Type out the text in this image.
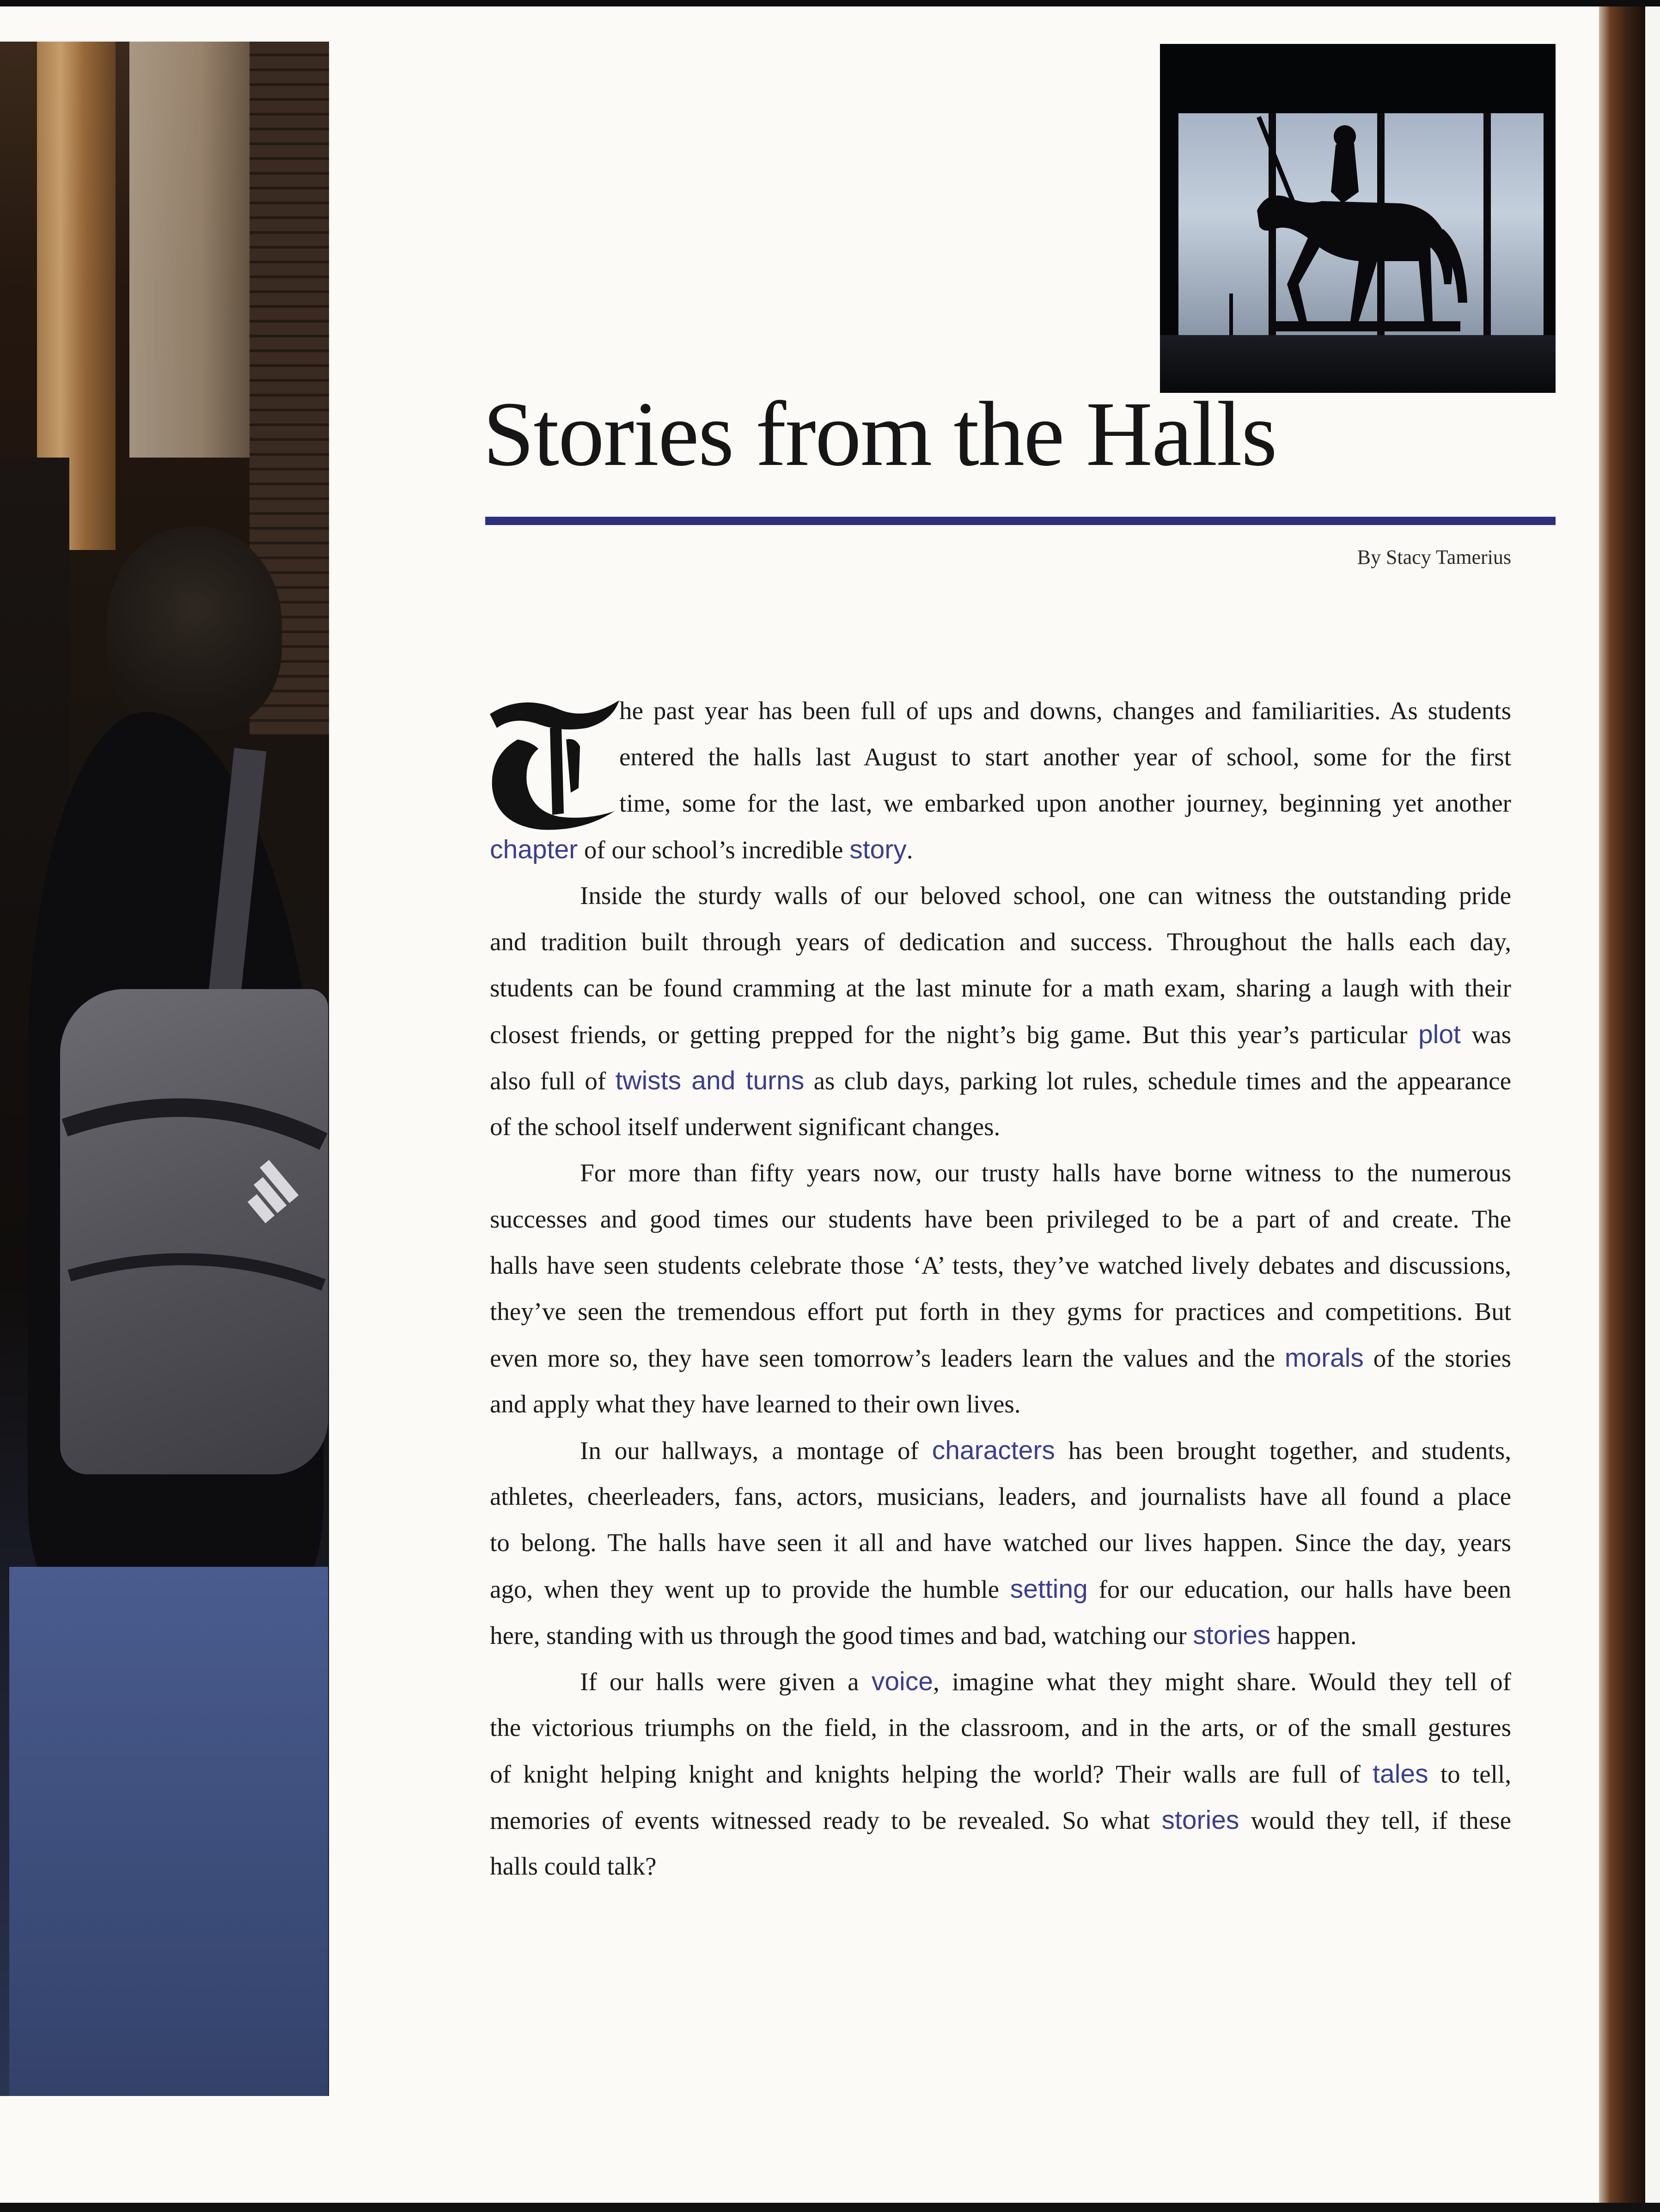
Stories from the Halls
By Stacy Tamerius
he past year has been full of ups and downs, changes and familiarities. As students
entered the halls last August to start another year of school, some for the first
time, some for the last, we embarked upon another journey, beginning yet another
chapter of our school’s incredible story.
Inside the sturdy walls of our beloved school, one can witness the outstanding pride
and tradition built through years of dedication and success. Throughout the halls each day,
students can be found cramming at the last minute for a math exam, sharing a laugh with their
closest friends, or getting prepped for the night’s big game. But this year’s particular plot was
also full of twists and turns as club days, parking lot rules, schedule times and the appearance
of the school itself underwent significant changes.
For more than fifty years now, our trusty halls have borne witness to the numerous
successes and good times our students have been privileged to be a part of and create. The
halls have seen students celebrate those ‘A’ tests, they’ve watched lively debates and discussions,
they’ve seen the tremendous effort put forth in they gyms for practices and competitions. But
even more so, they have seen tomorrow’s leaders learn the values and the morals of the stories
and apply what they have learned to their own lives.
In our hallways, a montage of characters has been brought together, and students,
athletes, cheerleaders, fans, actors, musicians, leaders, and journalists have all found a place
to belong. The halls have seen it all and have watched our lives happen. Since the day, years
ago, when they went up to provide the humble setting for our education, our halls have been
here, standing with us through the good times and bad, watching our stories happen.
If our halls were given a voice, imagine what they might share. Would they tell of
the victorious triumphs on the field, in the classroom, and in the arts, or of the small gestures
of knight helping knight and knights helping the world? Their walls are full of tales to tell,
memories of events witnessed ready to be revealed. So what stories would they tell, if these
halls could talk?
